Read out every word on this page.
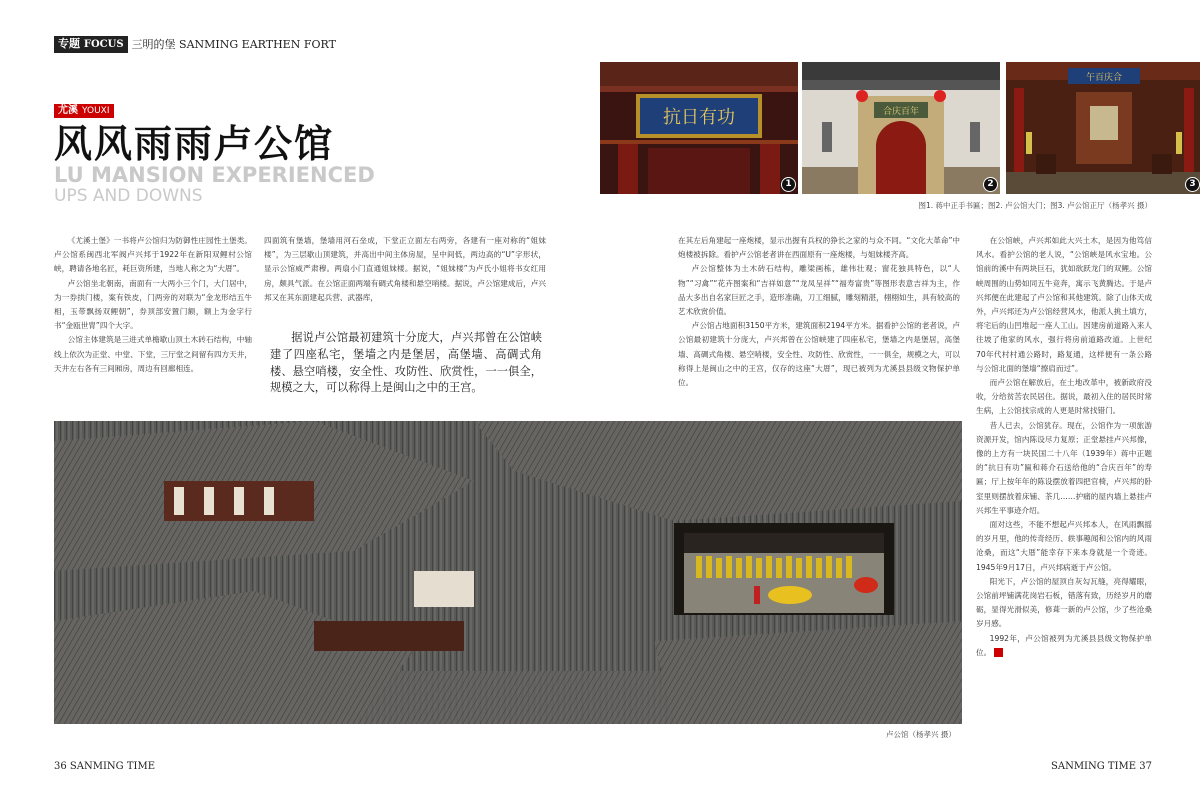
专题 FOCUS 三明的堡 SANMING EARTHEN FORT
尤溪 YOUXI
风风雨雨卢公馆
LU MANSION EXPERIENCED
UPS AND DOWNS

《尤溪土堡》一书将卢公馆归为防御性庄园性土堡类。卢公馆系闽西北军阀卢兴邦于1922年在新阳双鲤村公馆峡，聘请各地名匠，耗巨资所建，当地人称之为“大厝”。

卢公馆坐北朝南，南面有一大两小三个门，大门居中，为一券拱门楼，案有铁皮，门两旁的对联为“金龙形结五牛相，玉带飘扬双鲤朝”，券顶部安置门额，额上为金字行书“金瓯世胄”四个大字。

公馆主体建筑是三进式单檐歇山顶土木砖石结构，中轴线上依次为正堂、中堂、下堂，三厅堂之间留有四方天井，天井左右各有三间厢房，周边有回廊相连。

四面筑有堡墙，堡墙用河石垒成，下堂正立面左右两旁，各建有一座对称的“姐妹楼”，为三层歇山顶建筑，并高出中间主体房屋，呈中间低，两边高的“U”字形状，显示公馆威严肃穆。两扇小门直通姐妹楼。据说，“姐妹楼”为卢氏小姐将书女红用房，颇具气派。在公馆正面两端有碉式角楼和悬空哨楼。据说，卢公馆建成后，卢兴邦又在其东面建起兵营、武器库，

据说卢公馆最初建筑十分庞大，卢兴邦曾在公馆峡建了四座私宅，堡墙之内是堡居，高堡墙、高碉式角楼、悬空哨楼，安全性、攻防性、欣赏性，一一俱全，规模之大，可以称得上是闽山之中的王宫。

在其左后角建起一座炮楼，显示出握有兵权的狰长之家的与众不同。“文化大革命”中炮楼被拆除。看护卢公馆老者讲在西面原有一座炮楼，与姐妹楼齐高。

卢公馆整体为土木砖石结构，雕梁画栋，雄伟壮观；窗花独具特色，以“人物”“习禽”“花卉图案和“吉祥如意”“龙凤呈祥”“福寿富贵”等图形表意吉祥为主，作品大多出自名家巨匠之手，造形准确，刀工细腻，雕刻精湛，栩栩如生，具有较高的艺术欣赏价值。

卢公馆占地面积3150平方米，建筑面积2194平方米。据看护公馆的老者说，卢公馆最初建筑十分庞大，卢兴邦曾在公馆峡建了四座私宅，堡墙之内是堡居，高堡墙、高碉式角楼、悬空哨楼，安全性、攻防性、欣赏性，一一俱全，规模之大，可以称得上是闽山之中的王宫，仅存的这座“大厝”，现已被列为尤溪县县级文物保护单位。

在公馆峡，卢兴邦如此大兴土木，是因为他笃信风水。看护公馆的老人说，“公馆峡是风水宝地。公馆前的溪中有两块巨石，犹如欲跃龙门的双鲤。公馆峡周围的山势如同五牛竞奔，寓示飞黄腾达。于是卢兴邦便在此建起了卢公馆和其他建筑。除了山体天成外，卢兴邦还为卢公馆经营风水，他派人挑土填方，将宅后的山凹堆起一座人工山。因建房前道路入来人往坡了他家的风水，强行将房前道路改道。上世纪70年代村村通公路时，路复通，这样便有一条公路与公馆北面的堡墙“擦肩而过”。

而卢公馆在解放后，在土地改革中，被新政府没收，分给贫苦农民居住。据说，最初入住的居民时常生病，上公馆找宗成的人更是时常找错门。

昔人已去，公馆犹存。现在，公馆作为一项旅游资源开发，馆内陈设尽力复原；正堂悬挂卢兴邦像，像的上方有一块民国二十八年（1939年）蒋中正题的“抗日有功”匾和蒋介石送给他的“合庆百年”的寿匾；厅上按年年的陈设摆放着四把官椅，卢兴邦的卧室里则摆放着床铺、茶几……护痛的屋内墙上悬挂卢兴邦生平事迹介绍。

面对这些，不能不想起卢兴邦本人，在风雨飘摇的岁月里，他的传奇经历、轶事趣闻和公馆内的风雨沧桑，而这“大厝”能幸存下来本身就是一个奇迹。1945年9月17日，卢兴邦病逝于卢公馆。

阳光下，卢公馆的屋顶自灰勾瓦缝，亮得耀眼，公馆前坪铺满花岗岩石板，错落有致，历经岁月的磨砺，显得光滑似美，修葺一新的卢公馆，少了些沧桑岁月感。

1992年，卢公馆被列为尤溪县县级文物保护单位。 ■

抗日有功
1
合庆百年
2
午百庆合
3
图1. 蒋中正手书匾；图2. 卢公馆大门；图3. 卢公馆正厅（杨孝兴 摄）
卢公馆（杨孝兴 摄）
36 SANMING TIME	SANMING TIME 37
